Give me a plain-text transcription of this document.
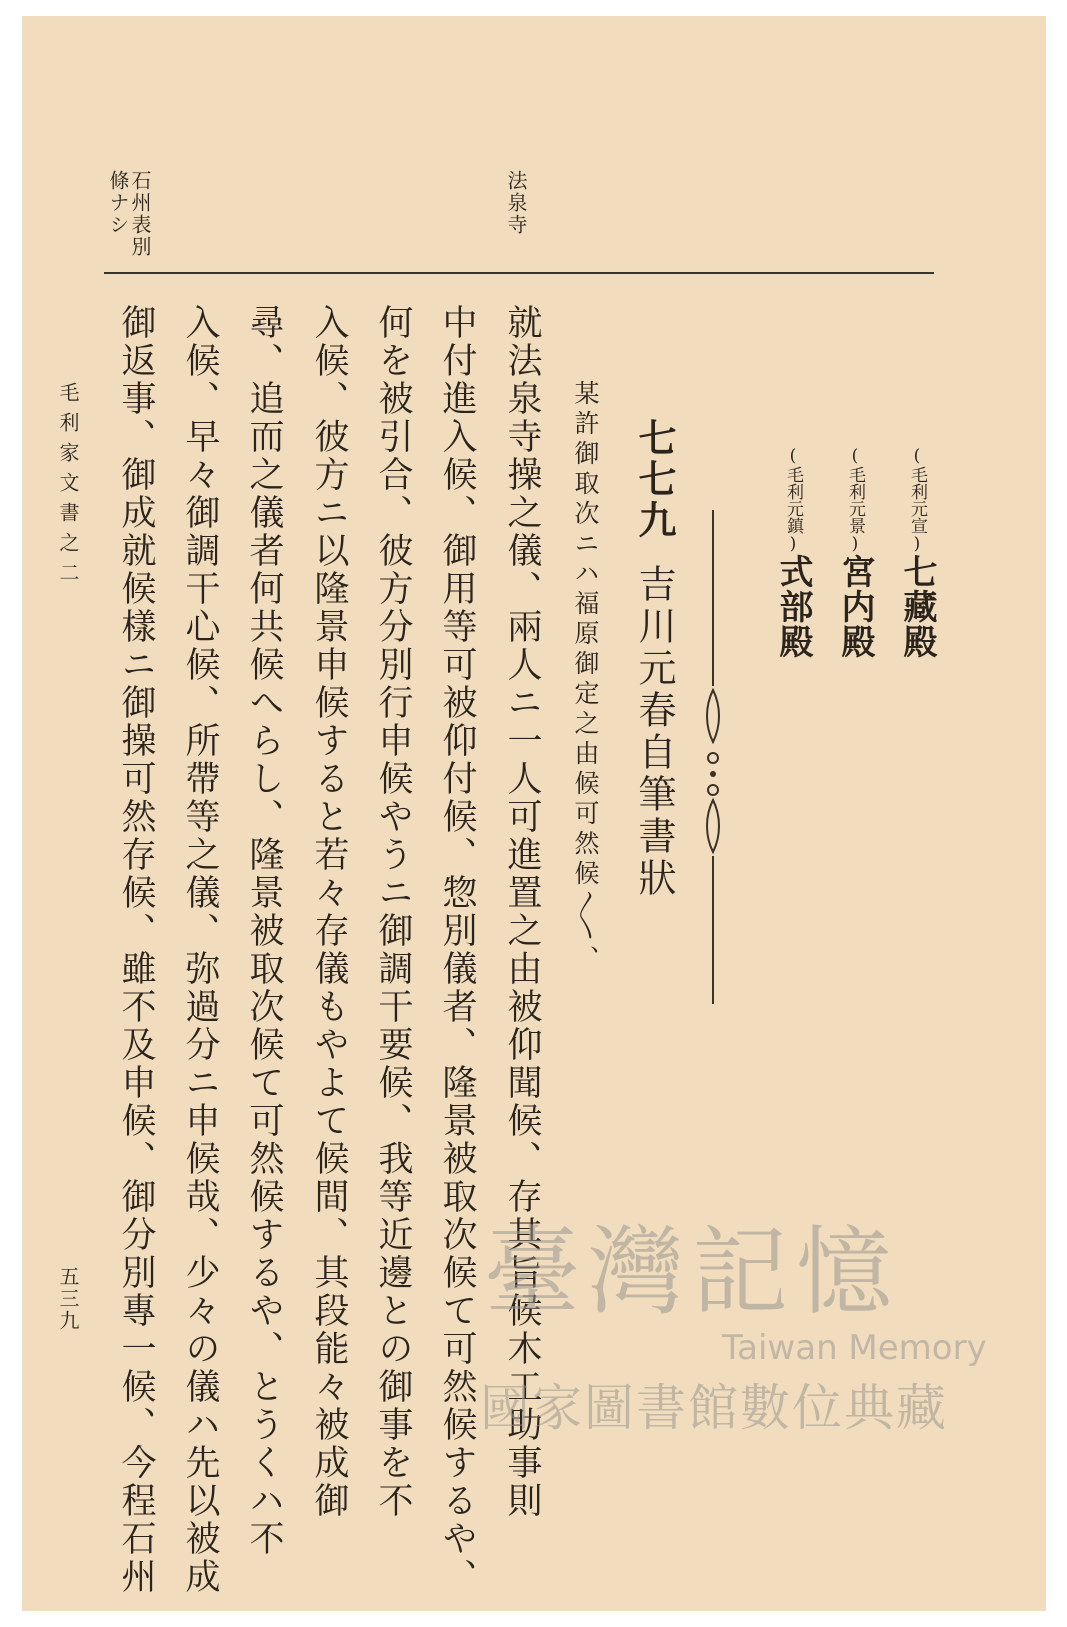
石州表別
條ナシ	法泉寺
(毛利元宣)七藏殿
(毛利元景)宮内殿
(毛利元鎮)式部殿
七七九
吉川元春自筆書狀
某許御取次ニハ福原御定之由候可然候〳〵、
就法泉寺操之儀、兩人ニ一人可進置之由被仰聞候、存其旨候木工助事則
中付進入候、御用等可被仰付候、惣別儀者、隆景被取次候て可然候するや、
何を被引合、彼方分別行申候やうニ御調干要候、我等近邊との御事を不
入候、彼方ニ以隆景申候すると若々存儀もやよて候間、其段能々被成御
尋、追而之儀者何共候へらし、隆景被取次候て可然候するや、とうくハ不
入候、早々御調干心候、所帶等之儀、弥過分ニ申候哉、少々の儀ハ先以被成
御返事、御成就候樣ニ御操可然存候、雖不及申候、御分別專一候、今程石州
毛利家文書之二
五三九	臺灣記憶
Taiwan Memory
國家圖書館數位典藏
